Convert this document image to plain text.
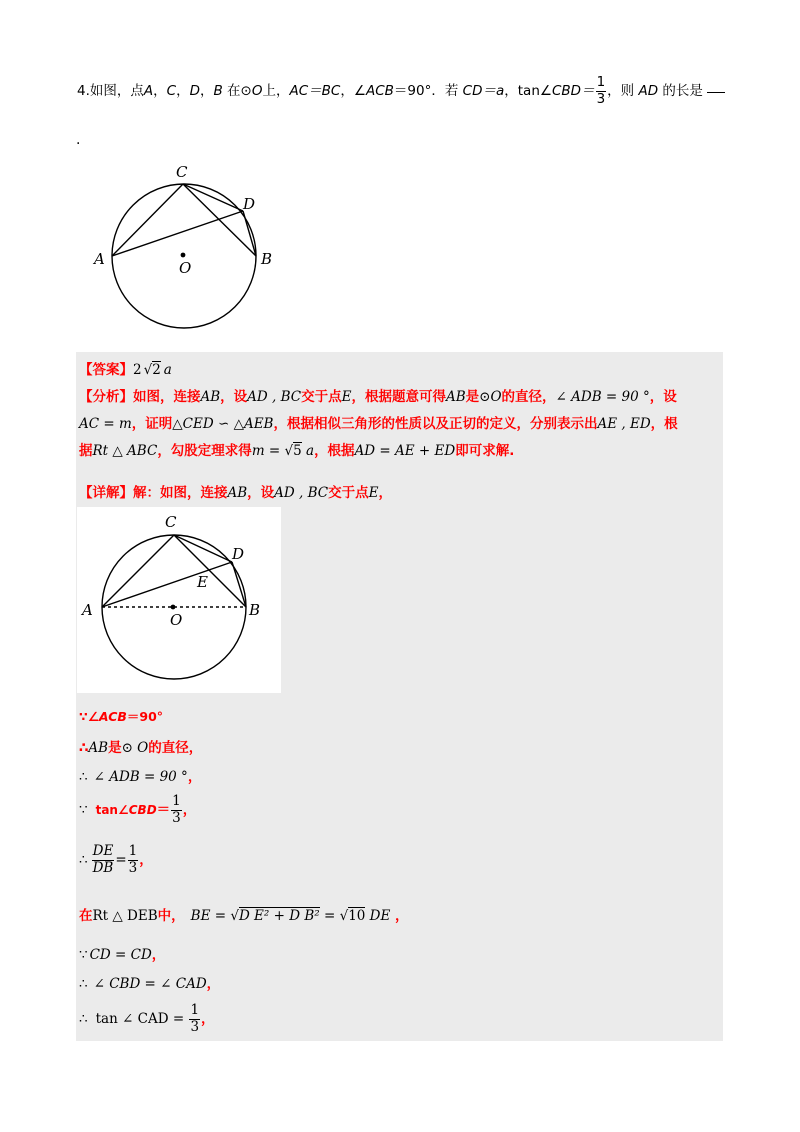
4.如图，点A，C，D，B 在⊙O上，AC＝BC，∠ACB＝90°．若 CD＝a，tan∠CBD＝ $\frac{1}{3}$ ，则 AD 的长是
.
C
D
A	B
O
【答案】2 √2 a
【分析】如图，连接AB，设AD , BC交于点E，根据题意可得AB是⊙O的直径，∠ ADB = 90 °，设
AC = m，证明△CED ∽ △AEB，根据相似三角形的性质以及正切的定义，分别表示出AE , ED，根
据Rt △ ABC，勾股定理求得m = √5 a，根据AD = AE + ED即可求解.
【详解】解：如图，连接AB，设AD , BC交于点E，
C
D
E
A	B
O
∵∠ACB＝90°
∴AB是⊙ O的直径，
∴ ∠ ADB = 90 °，
∵ tan∠CBD＝ $\frac{1}{3}$ ，
∴ $\frac{DE}{DB} = \frac{1}{3}$ ，
在Rt △ DEB中， BE = √D E² + D B² = √10 DE ，
∵ CD = CD，
∴ ∠ CBD = ∠ CAD，
∴ tan ∠ CAD = $\frac{1}{3}$ ，
